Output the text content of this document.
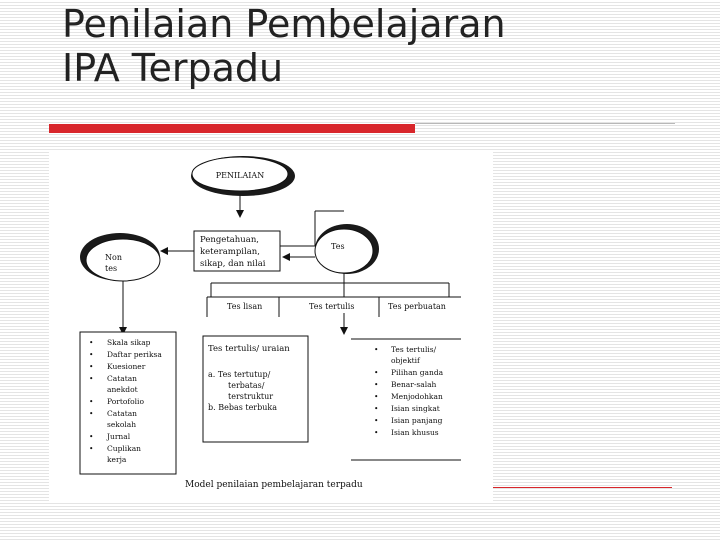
Penilaian Pembelajaran
IPA Terpadu
PENILAIAN
Pengetahuan,
keterampilan,
sikap, dan nilai
Non
tes
Tes
Tes lisan	Tes tertulis	Tes perbuatan
• Skala sikap
• Daftar periksa
• Kuesioner
• Catatan
anekdot
• Portofolio
• Catatan
sekolah
• Jurnal
• Cuplikan
kerja
Tes tertulis/ uraian
a. Tes tertutup/
terbatas/
terstruktur
b. Bebas terbuka
• Tes tertulis/
objektif
• Pilihan ganda
• Benar-salah
• Menjodohkan
• Isian singkat
• Isian panjang
• Isian khusus
Model penilaian pembelajaran terpadu
